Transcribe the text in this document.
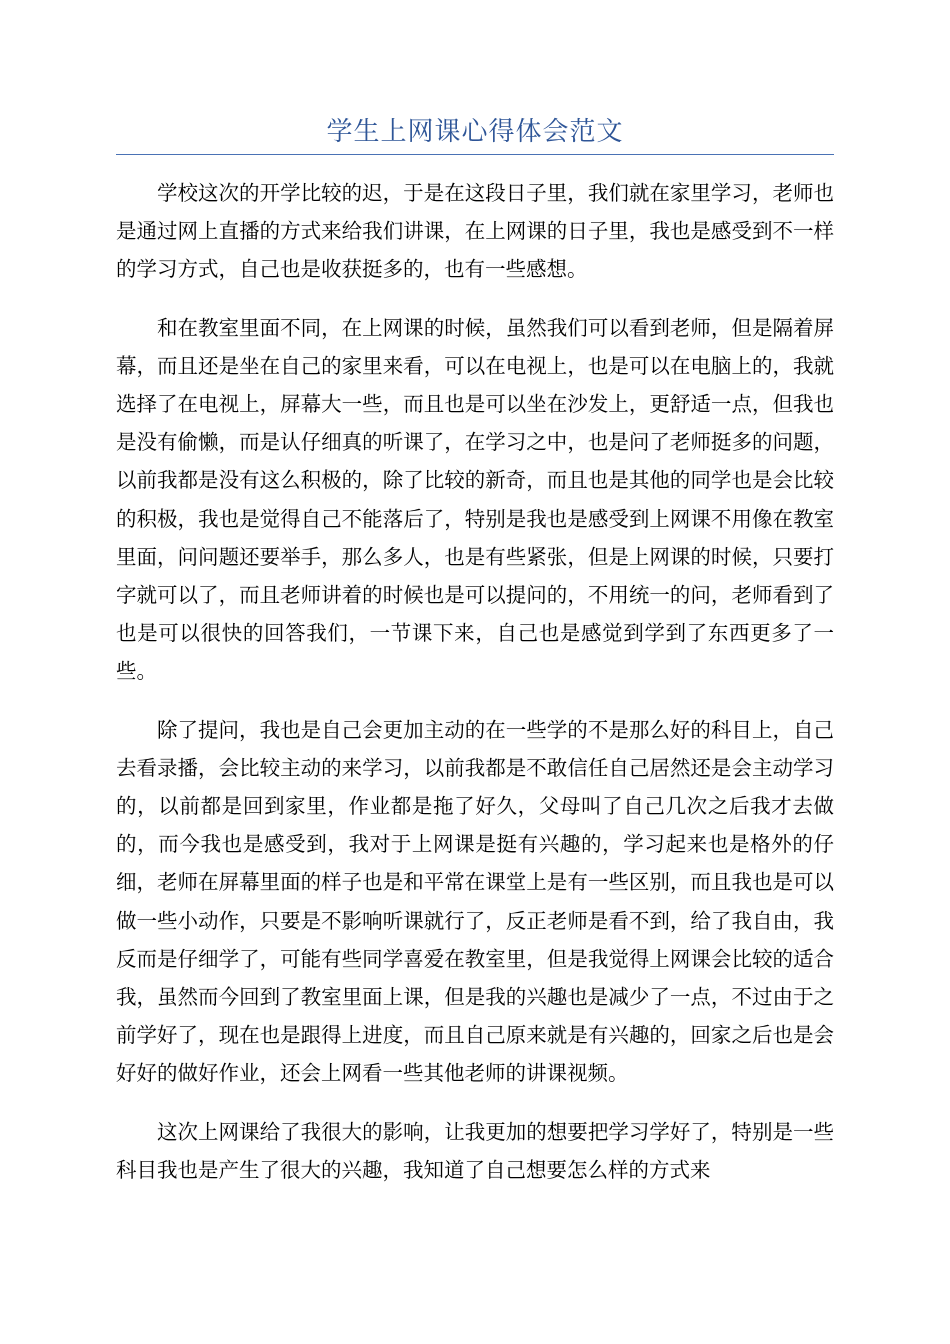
学生上网课心得体会范文

学校这次的开学比较的迟，于是在这段日子里，我们就在家里学习，老师也是通过网上直播的方式来给我们讲课，在上网课的日子里，我也是感受到不一样的学习方式，自己也是收获挺多的，也有一些感想。

和在教室里面不同，在上网课的时候，虽然我们可以看到老师，但是隔着屏幕，而且还是坐在自己的家里来看，可以在电视上，也是可以在电脑上的，我就选择了在电视上，屏幕大一些，而且也是可以坐在沙发上，更舒适一点，但我也是没有偷懒，而是认仔细真的听课了，在学习之中，也是问了老师挺多的问题，以前我都是没有这么积极的，除了比较的新奇，而且也是其他的同学也是会比较的积极，我也是觉得自己不能落后了，特别是我也是感受到上网课不用像在教室里面，问问题还要举手，那么多人，也是有些紧张，但是上网课的时候，只要打字就可以了，而且老师讲着的时候也是可以提问的，不用统一的问，老师看到了也是可以很快的回答我们，一节课下来，自己也是感觉到学到了东西更多了一些。

除了提问，我也是自己会更加主动的在一些学的不是那么好的科目上，自己去看录播，会比较主动的来学习，以前我都是不敢信任自己居然还是会主动学习的，以前都是回到家里，作业都是拖了好久，父母叫了自己几次之后我才去做的，而今我也是感受到，我对于上网课是挺有兴趣的，学习起来也是格外的仔细，老师在屏幕里面的样子也是和平常在课堂上是有一些区别，而且我也是可以做一些小动作，只要是不影响听课就行了，反正老师是看不到，给了我自由，我反而是仔细学了，可能有些同学喜爱在教室里，但是我觉得上网课会比较的适合我，虽然而今回到了教室里面上课，但是我的兴趣也是减少了一点，不过由于之前学好了，现在也是跟得上进度，而且自己原来就是有兴趣的，回家之后也是会好好的做好作业，还会上网看一些其他老师的讲课视频。

这次上网课给了我很大的影响，让我更加的想要把学习学好了，特别是一些科目我也是产生了很大的兴趣，我知道了自己想要怎么样的方式来
